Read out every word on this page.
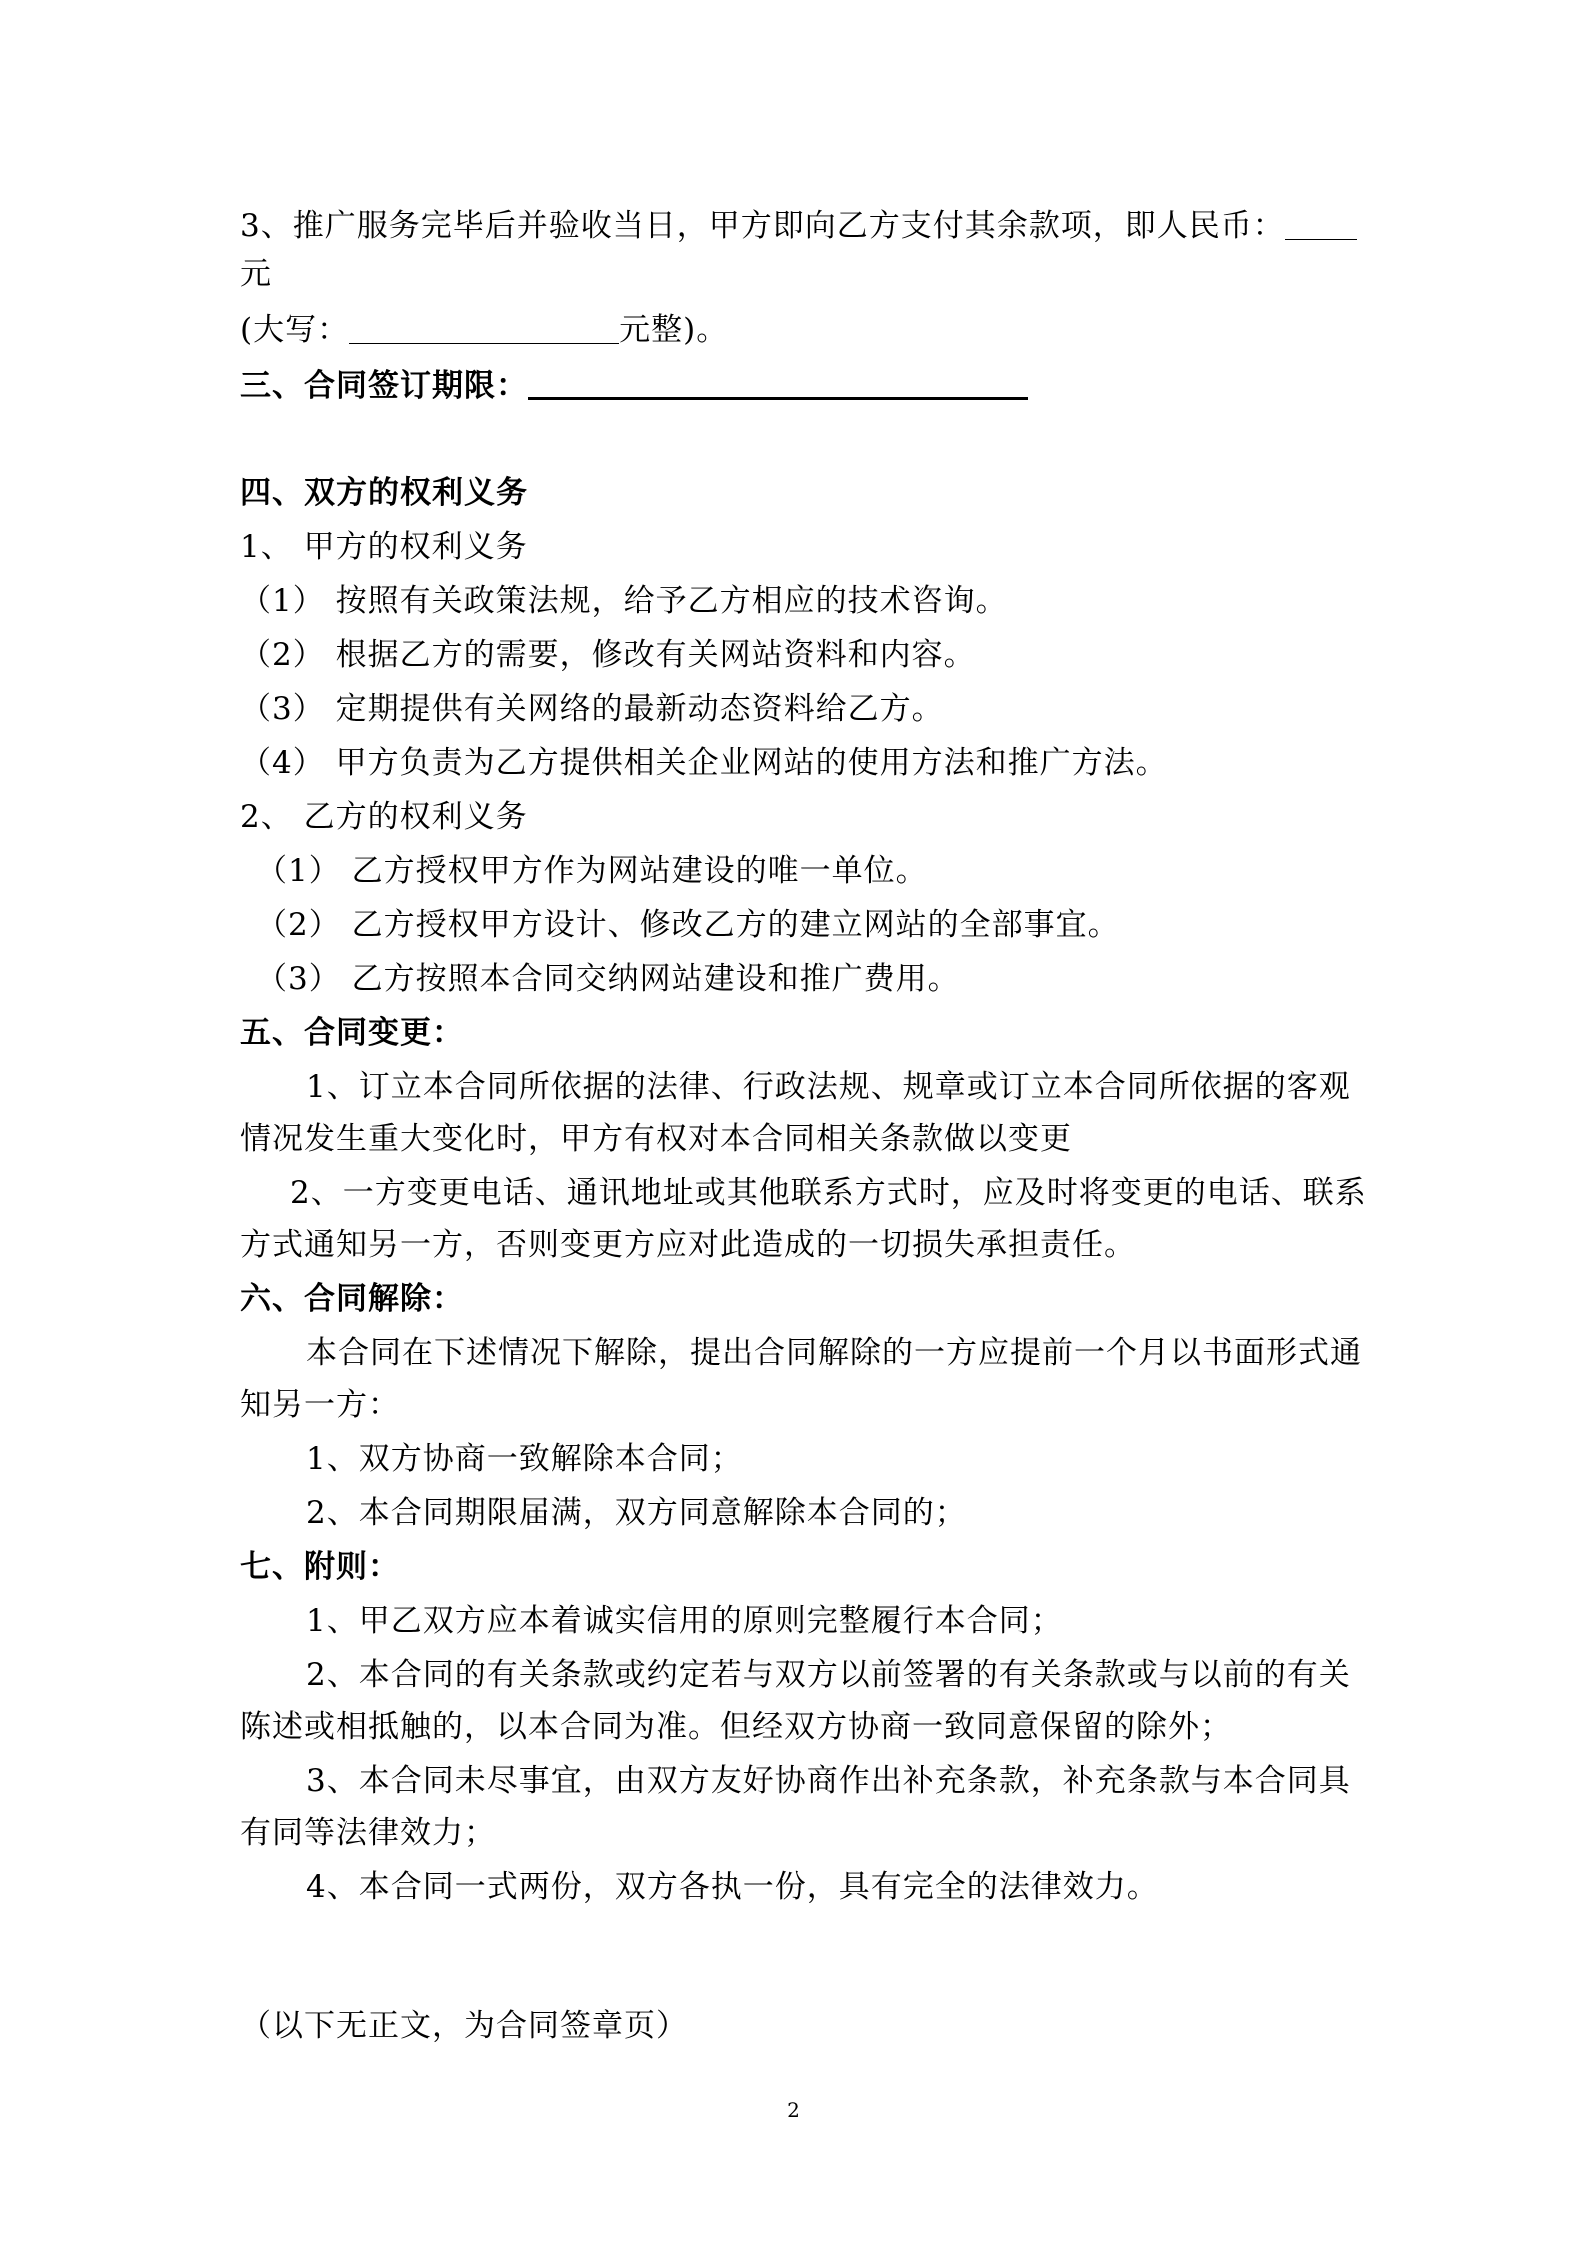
3、推广服务完毕后并验收当日，甲方即向乙方支付其余款项，即人民币：
元
(大写：	元整)。
三、合同签订期限：
四、双方的权利义务
1、 甲方的权利义务
（1） 按照有关政策法规，给予乙方相应的技术咨询。
（2） 根据乙方的需要，修改有关网站资料和内容。
（3） 定期提供有关网络的最新动态资料给乙方。
（4） 甲方负责为乙方提供相关企业网站的使用方法和推广方法。
2、 乙方的权利义务
（1） 乙方授权甲方作为网站建设的唯一单位。
（2） 乙方授权甲方设计、修改乙方的建立网站的全部事宜。
（3） 乙方按照本合同交纳网站建设和推广费用。
五、合同变更：
1、订立本合同所依据的法律、行政法规、规章或订立本合同所依据的客观
情况发生重大变化时，甲方有权对本合同相关条款做以变更
2、一方变更电话、通讯地址或其他联系方式时，应及时将变更的电话、联系
方式通知另一方，否则变更方应对此造成的一切损失承担责任。
六、合同解除：
本合同在下述情况下解除，提出合同解除的一方应提前一个月以书面形式通
知另一方：
1、双方协商一致解除本合同；
2、本合同期限届满，双方同意解除本合同的；
七、附则：
1、甲乙双方应本着诚实信用的原则完整履行本合同；
2、本合同的有关条款或约定若与双方以前签署的有关条款或与以前的有关
陈述或相抵触的，以本合同为准。但经双方协商一致同意保留的除外；
3、本合同未尽事宜，由双方友好协商作出补充条款，补充条款与本合同具
有同等法律效力；
4、本合同一式两份，双方各执一份，具有完全的法律效力。
（以下无正文，为合同签章页）
2
